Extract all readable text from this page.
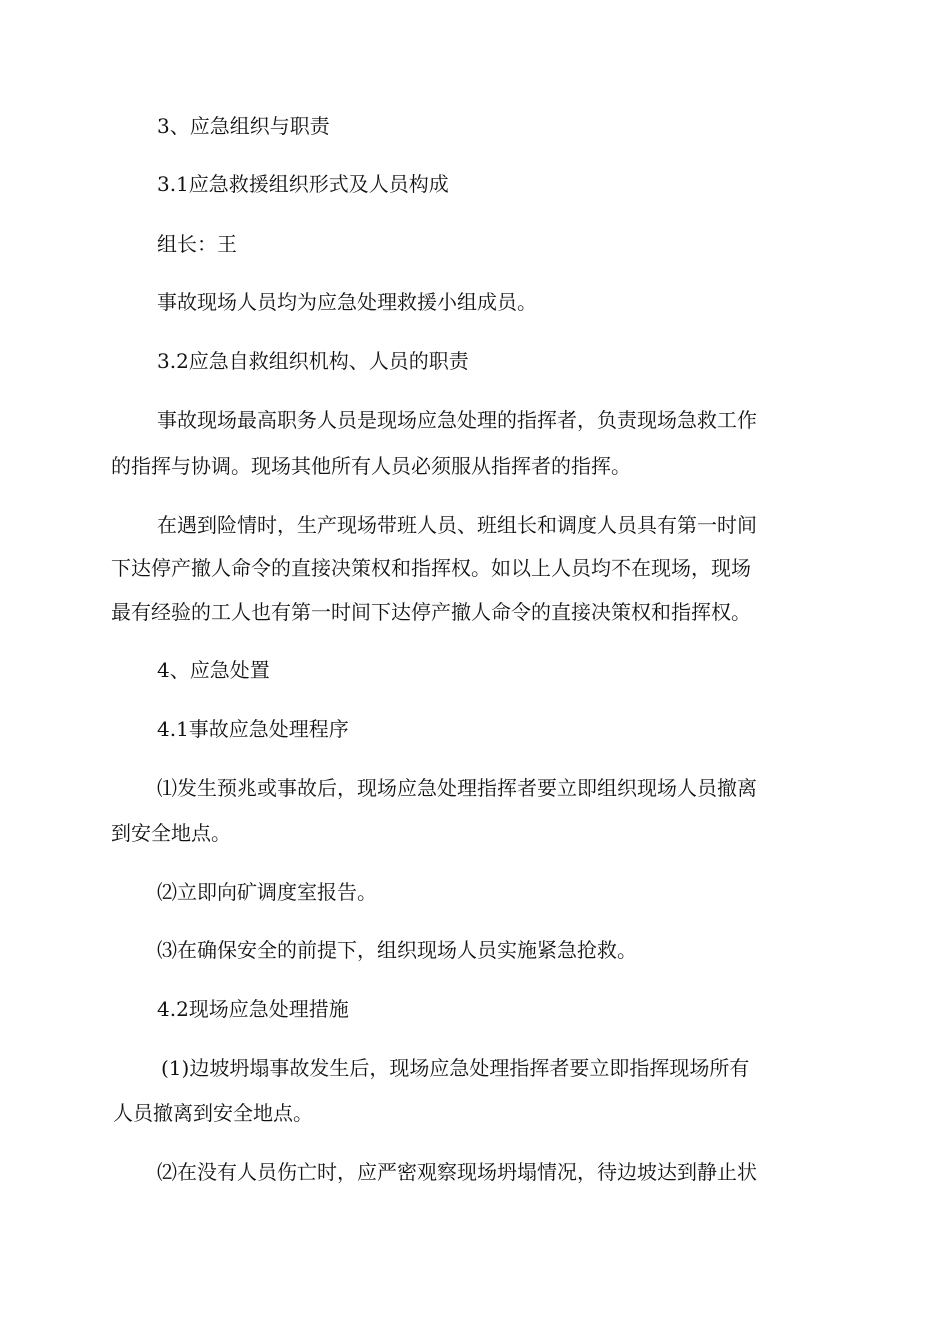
3、应急组织与职责
3.1应急救援组织形式及人员构成
组长：王
事故现场人员均为应急处理救援小组成员。
3.2应急自救组织机构、人员的职责
事故现场最高职务人员是现场应急处理的指挥者，负责现场急救工作
的指挥与协调。现场其他所有人员必须服从指挥者的指挥。
在遇到险情时，生产现场带班人员、班组长和调度人员具有第一时间
下达停产撤人命令的直接决策权和指挥权。如以上人员均不在现场，现场
最有经验的工人也有第一时间下达停产撤人命令的直接决策权和指挥权。
4、应急处置
4.1事故应急处理程序
⑴发生预兆或事故后，现场应急处理指挥者要立即组织现场人员撤离
到安全地点。
⑵立即向矿调度室报告。
⑶在确保安全的前提下，组织现场人员实施紧急抢救。
4.2现场应急处理措施
(1)边坡坍塌事故发生后，现场应急处理指挥者要立即指挥现场所有
人员撤离到安全地点。
⑵在没有人员伤亡时，应严密观察现场坍塌情况，待边坡达到静止状
